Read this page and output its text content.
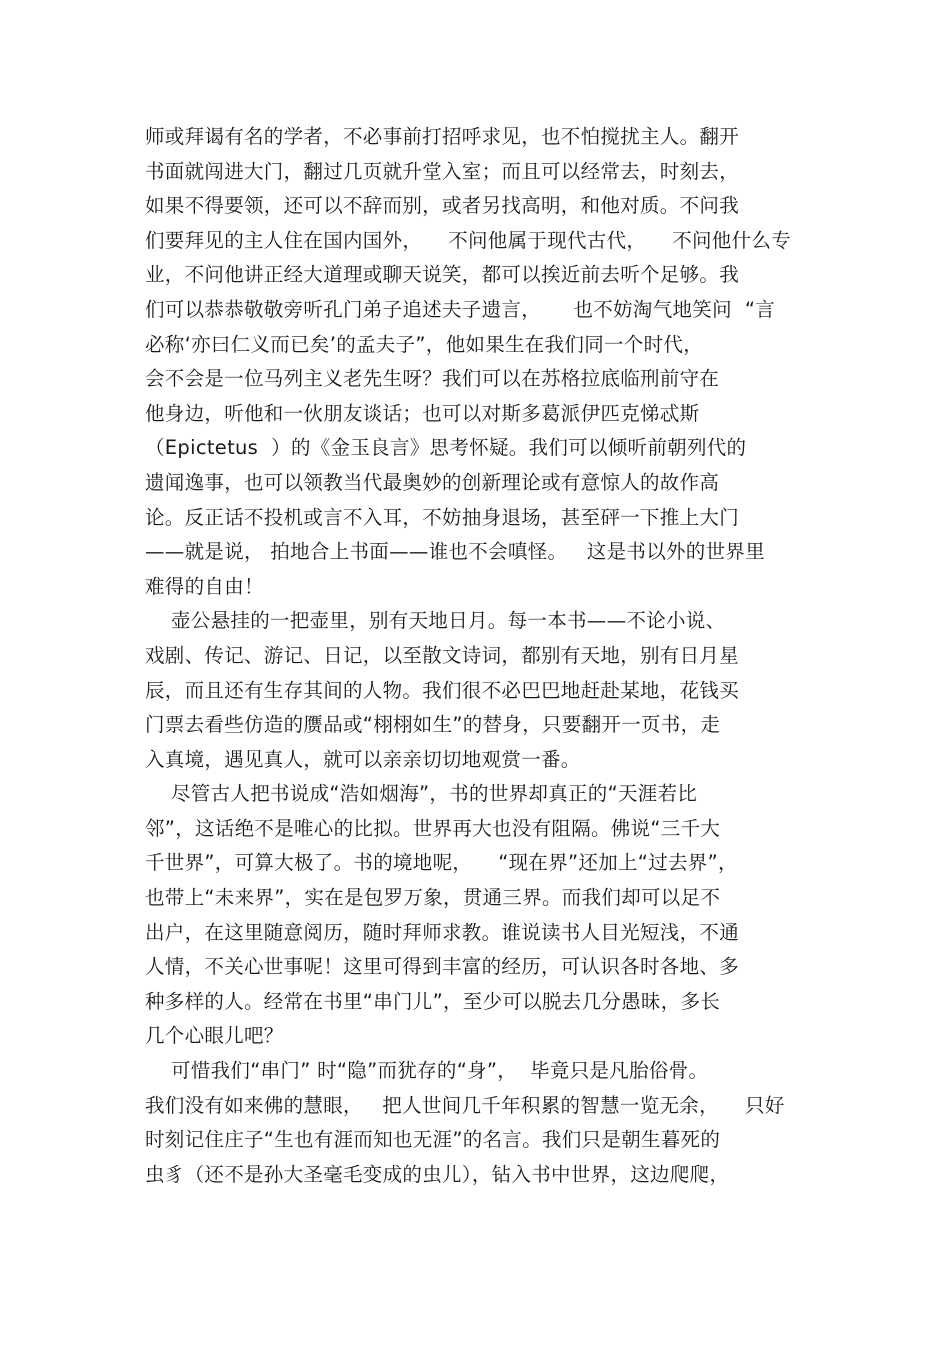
师或拜谒有名的学者，不必事前打招呼求见，也不怕搅扰主人。翻开
书面就闯进大门，翻过几页就升堂入室；而且可以经常去，时刻去，
如果不得要领，还可以不辞而别，或者另找高明，和他对质。不问我
们要拜见的主人住在国内国外，    不问他属于现代古代，    不问他什么专
业，不问他讲正经大道理或聊天说笑，都可以挨近前去听个足够。我
们可以恭恭敬敬旁听孔门弟子追述夫子遗言，     也不妨淘气地笑问  “言
必称‘亦曰仁义而已矣’的孟夫子”，他如果生在我们同一个时代，
会不会是一位马列主义老先生呀？我们可以在苏格拉底临刑前守在
他身边，听他和一伙朋友谈话；也可以对斯多葛派伊匹克悌忒斯
（Epictetus  ）的《金玉良言》思考怀疑。我们可以倾听前朝列代的
遗闻逸事，也可以领教当代最奥妙的创新理论或有意惊人的故作高
论。反正话不投机或言不入耳，不妨抽身退场，甚至砰一下推上大门
——就是说， 拍地合上书面——谁也不会嗔怪。   这是书以外的世界里
难得的自由！
壶公悬挂的一把壶里，别有天地日月。每一本书——不论小说、
戏剧、传记、游记、日记，以至散文诗词，都别有天地，别有日月星
辰，而且还有生存其间的人物。我们很不必巴巴地赶赴某地，花钱买
门票去看些仿造的赝品或“栩栩如生”的替身，只要翻开一页书，走
入真境，遇见真人，就可以亲亲切切地观赏一番。
尽管古人把书说成“浩如烟海”，书的世界却真正的“天涯若比
邻”，这话绝不是唯心的比拟。世界再大也没有阻隔。佛说“三千大
千世界”，可算大极了。书的境地呢，    “现在界”还加上“过去界”，
也带上“未来界”，实在是包罗万象，贯通三界。而我们却可以足不
出户，在这里随意阅历，随时拜师求教。谁说读书人目光短浅，不通
人情，不关心世事呢！这里可得到丰富的经历，可认识各时各地、多
种多样的人。经常在书里“串门儿”，至少可以脱去几分愚昧，多长
几个心眼儿吧？
可惜我们“串门” 时“隐”而犹存的“身”，  毕竟只是凡胎俗骨。
我们没有如来佛的慧眼，   把人世间几千年积累的智慧一览无余，    只好
时刻记住庄子“生也有涯而知也无涯”的名言。我们只是朝生暮死的
虫豸（还不是孙大圣毫毛变成的虫儿），钻入书中世界，这边爬爬，
